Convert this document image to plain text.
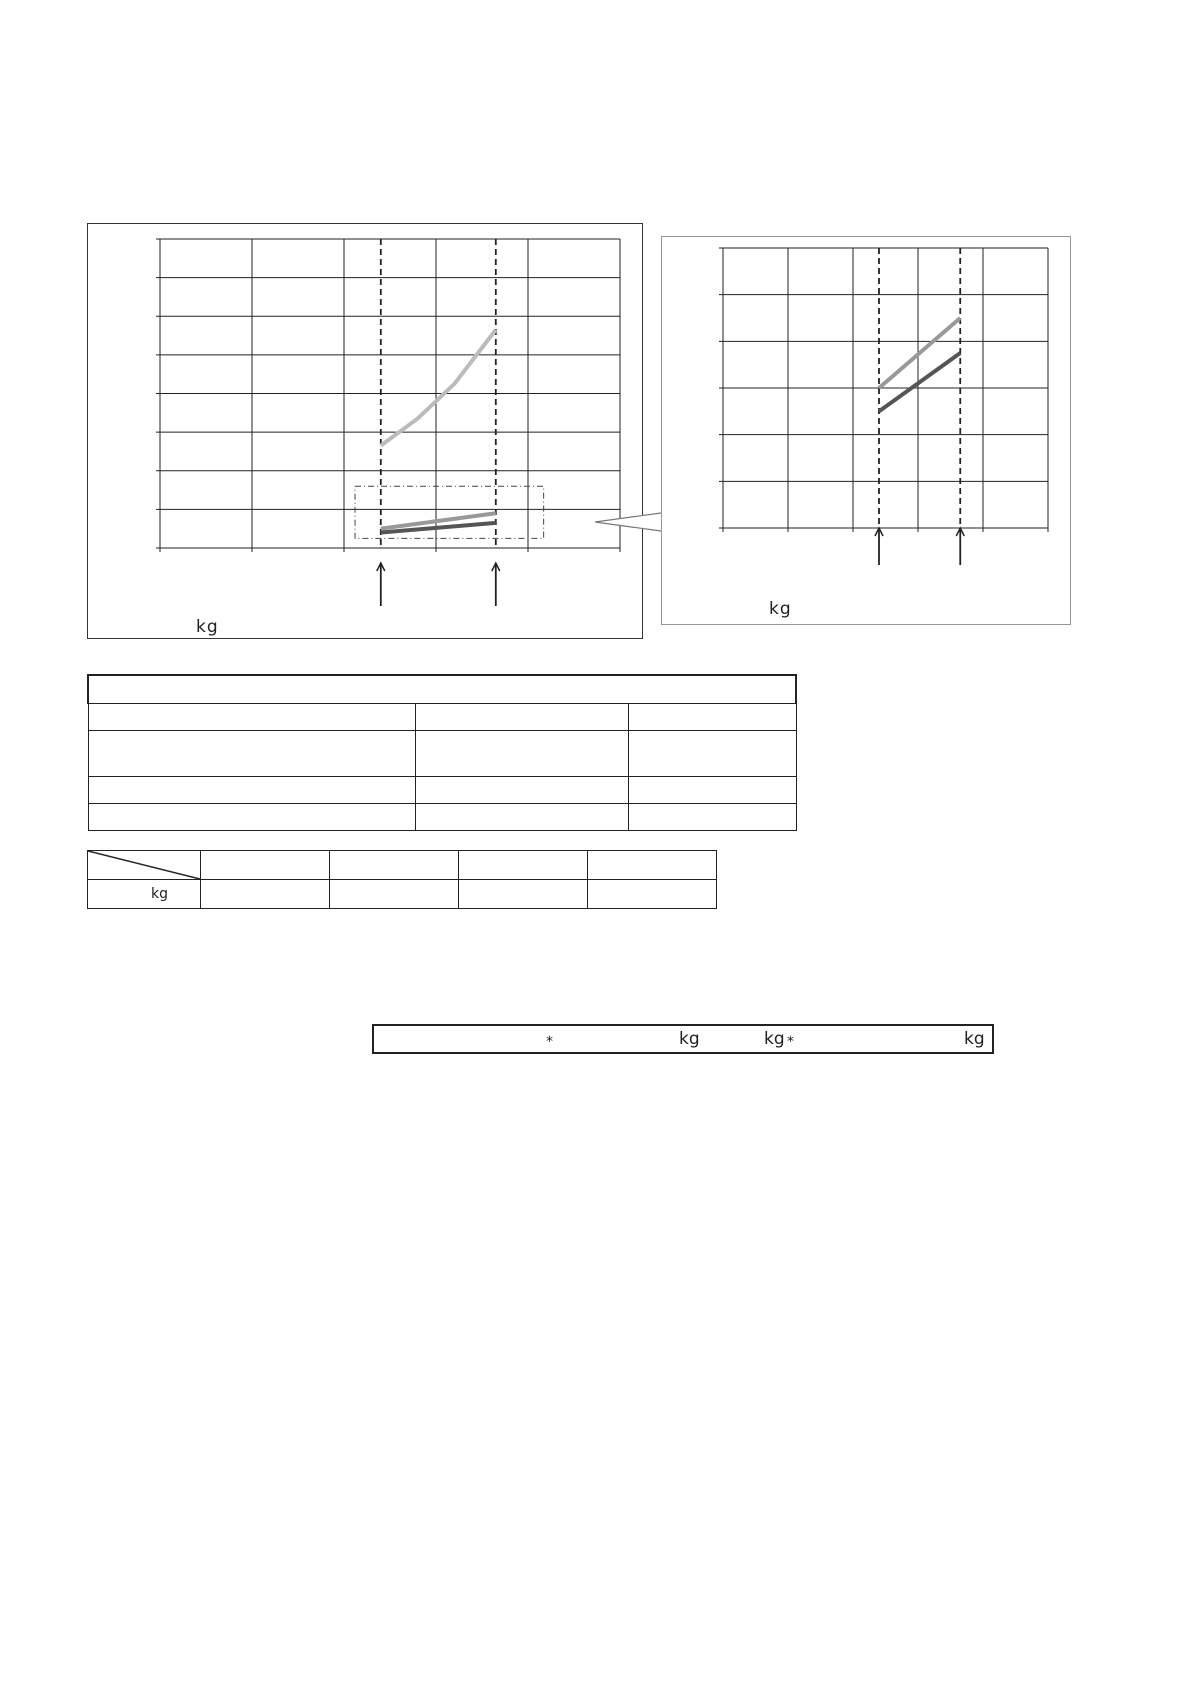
kg
kg

kg				
*	kg	kg *	kg
